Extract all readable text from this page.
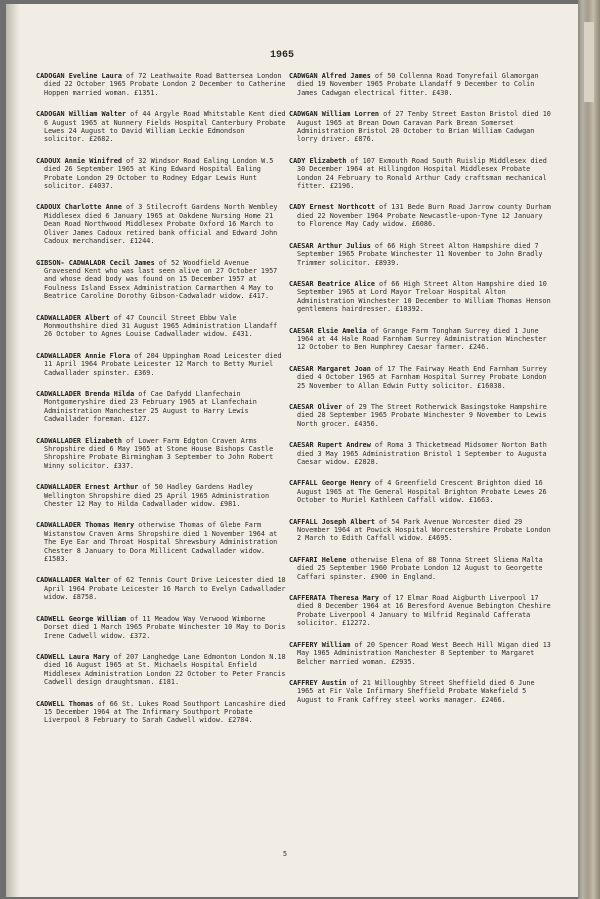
1965
CADOGAN Eveline Laura of 72 Leathwaite Road Battersea London died 22 October 1965 Probate London 2 December to Catherine Hoppen married woman. £1351.
CADOGAN William Walter of 44 Argyle Road Whitstable Kent died 6 August 1965 at Nunnery Fields Hospital Canterbury Probate Lewes 24 August to David William Leckie Edmondson solicitor. £2682.
CADOUX Annie Winifred of 32 Windsor Road Ealing London W.5 died 26 September 1965 at King Edward Hospital Ealing Probate London 29 October to Rodney Edgar Lewis Hunt solicitor. £4037.
CADOUX Charlotte Anne of 3 Stilecroft Gardens North Wembley Middlesex died 6 January 1965 at Oakdene Nursing Home 21 Dean Road Northwood Middlesex Probate Oxford 16 March to Oliver James Cadoux retired bank official and Edward John Cadoux merchandiser. £1244.
GIBSON- CADWALADR Cecil James of 52 Woodfield Avenue Gravesend Kent who was last seen alive on 27 October 1957 and whose dead body was found on 15 December 1957 at Foulness Island Essex Administration Carmarthen 4 May to Beatrice Caroline Dorothy Gibson-Cadwaladr widow. £417.
CADWALLADER Albert of 47 Council Street Ebbw Vale Monmouthshire died 31 August 1965 Administration Llandaff 26 October to Agnes Louise Cadwallader widow. £431.
CADWALLADER Annie Flora of 204 Uppingham Road Leicester died 11 April 1964 Probate Leicester 12 March to Betty Muriel Cadwallader spinster. £369.
CADWALLADER Brenda Hilda of Cae Dafydd Llanfechain Montgomeryshire died 23 February 1965 at Llanfechain Administration Manchester 25 August to Harry Lewis Cadwallader foreman. £127.
CADWALLADER Elizabeth of Lower Farm Edgton Craven Arms Shropshire died 6 May 1965 at Stone House Bishops Castle Shropshire Probate Birmingham 3 September to John Robert Winny solicitor. £337.
CADWALLADER Ernest Arthur of 50 Hadley Gardens Hadley Wellington Shropshire died 25 April 1965 Administration Chester 12 May to Hilda Cadwallader widow. £981.
CADWALLADER Thomas Henry otherwise Thomas of Glebe Farm Wistanstow Craven Arms Shropshire died 1 November 1964 at The Eye Ear and Throat Hospital Shrewsbury Administration Chester 8 January to Dora Millicent Cadwallader widow. £1583.
CADWALLADER Walter of 62 Tennis Court Drive Leicester died 18 April 1964 Probate Leicester 16 March to Evelyn Cadwallader widow. £8758.
CADWELL George William of 11 Meadow Way Verwood Wimborne Dorset died 1 March 1965 Probate Winchester 10 May to Doris Irene Cadwell widow. £372.
CADWELL Laura Mary of 207 Langhedge Lane Edmonton London N.18 died 16 August 1965 at St. Michaels Hospital Enfield Middlesex Administration London 22 October to Peter Francis Cadwell design draughtsman. £181.
CADWELL Thomas of 66 St. Lukes Road Southport Lancashire died 15 December 1964 at The Infirmary Southport Probate Liverpool 8 February to Sarah Cadwell widow. £2784.
CADWGAN Alfred James of 50 Collenna Road Tonyrefail Glamorgan died 19 November 1965 Probate Llandaff 9 December to Colin James Cadwgan electrical fitter. £430.
CADWGAN William Lorren of 27 Tenby Street Easton Bristol died 10 August 1965 at Brean Down Caravan Park Brean Somerset Administration Bristol 20 October to Brian William Cadwgan lorry driver. £876.
CADY Elizabeth of 107 Exmouth Road South Ruislip Middlesex died 30 December 1964 at Hillingdon Hospital Middlesex Probate London 24 February to Ronald Arthur Cady craftsman mechanical fitter. £2196.
CADY Ernest Northcott of 131 Bede Burn Road Jarrow county Durham died 22 November 1964 Probate Newcastle-upon-Tyne 12 January to Florence May Cady widow. £6086.
CAESAR Arthur Julius of 66 High Street Alton Hampshire died 7 September 1965 Probate Winchester 11 November to John Bradly Trimmer solicitor. £8939.
CAESAR Beatrice Alice of 66 High Street Alton Hampshire died 10 September 1965 at Lord Mayor Treloar Hospital Alton Administration Winchester 10 December to William Thomas Henson gentlemens hairdresser. £10392.
CAESAR Elsie Amelia of Grange Farm Tongham Surrey died 1 June 1964 at 44 Hale Road Farnham Surrey Administration Winchester 12 October to Ben Humphrey Caesar farmer. £246.
CAESAR Margaret Joan of 17 The Fairway Heath End Farnham Surrey died 4 October 1965 at Farnham Hospital Surrey Probate London 25 November to Allan Edwin Futty solicitor. £16038.
CAESAR Oliver of 29 The Street Rotherwick Basingstoke Hampshire died 28 September 1965 Probate Winchester 9 November to Lewis North grocer. £4356.
CAESAR Rupert Andrew of Roma 3 Thicketmead Midsomer Norton Bath died 3 May 1965 Administration Bristol 1 September to Augusta Caesar widow. £2828.
CAFFALL George Henry of 4 Greenfield Crescent Brighton died 16 August 1965 at The General Hospital Brighton Probate Lewes 26 October to Muriel Kathleen Caffall widow. £1663.
CAFFALL Joseph Albert of 54 Park Avenue Worcester died 29 November 1964 at Powick Hospital Worcestershire Probate London 2 March to Edith Caffall widow. £4695.
CAFFARI Helene otherwise Elena of 88 Tonna Street Sliema Malta died 25 September 1960 Probate London 12 August to Georgette Caffari spinster. £900 in England.
CAFFERATA Theresa Mary of 17 Elmar Road Aigburth Liverpool 17 died 8 December 1964 at 16 Beresford Avenue Bebington Cheshire Probate Liverpool 4 January to Wilfrid Reginald Cafferata solicitor. £12272.
CAFFERY William of 20 Spencer Road West Beech Hill Wigan died 13 May 1965 Administration Manchester 8 September to Margaret Belcher married woman. £2935.
CAFFREY Austin of 21 Willoughby Street Sheffield died 6 June 1965 at Fir Vale Infirmary Sheffield Probate Wakefield 5 August to Frank Caffrey steel works manager. £2466.
5
